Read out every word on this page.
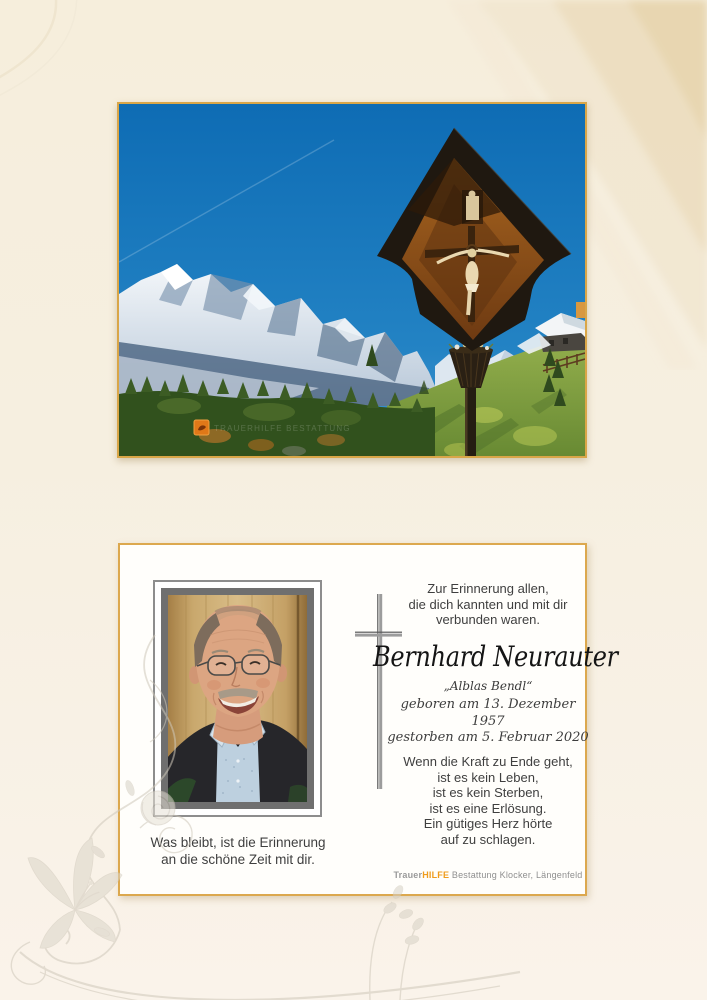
TRAUERHILFE BESTATTUNG
Was bleibt, ist die Erinnerung
an die schöne Zeit mit dir.
Zur Erinnerung allen,
die dich kannten und mit dir
verbunden waren.
Bernhard Neurauter
„Alblas Bendl“
geboren am 13. Dezember 1957
gestorben am 5. Februar 2020
Wenn die Kraft zu Ende geht,
ist es kein Leben,
ist es kein Sterben,
ist es eine Erlösung.
Ein gütiges Herz hörte
auf zu schlagen.
TrauerHILFE Bestattung Klocker, Längenfeld
